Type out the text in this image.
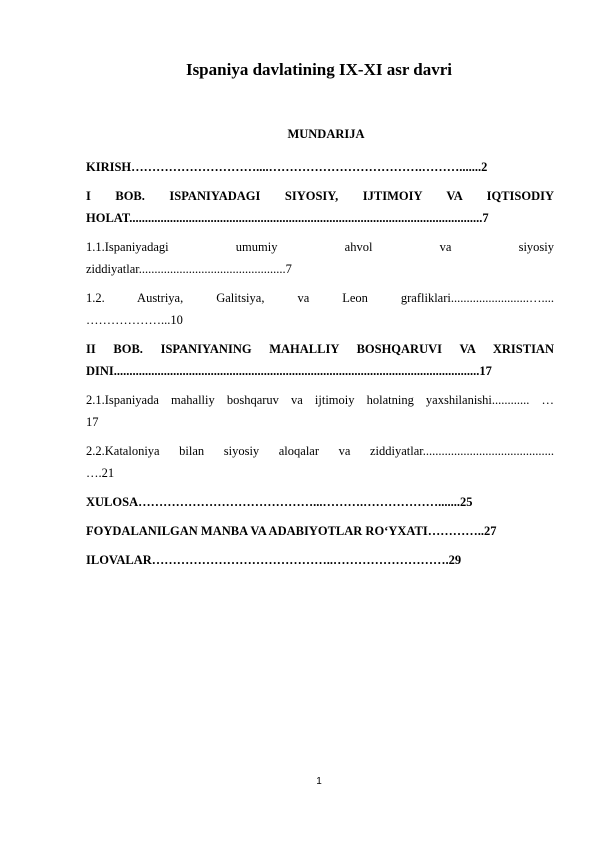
Ispaniya davlatining IX-XI asr davri
MUNDARIJA
KIRISH…………………………....……………………………….……….......2
I BOB. ISPANIYADAGI SIYOSIY, IJTIMOIY VA IQTISODIY
HOLAT.................................................................................................................7
1.1.Ispaniyadagi umumiy ahvol va siyosiy
ziddiyatlar...............................................7
1.2. Austriya, Galitsiya, va Leon grafliklari.........................…....
………………...10
II BOB. ISPANIYANING MAHALLIY BOSHQARUVI VA XRISTIAN
DINI.....................................................................................................................17
2.1.Ispaniyada mahalliy boshqaruv va ijtimoiy holatning yaxshilanishi............ …
17
2.2.Kataloniya bilan siyosiy aloqalar va ziddiyatlar..........................................
….21
XULOSA……………………………………...……….……………….......25
FOYDALANILGAN MANBA VA ADABIYOTLAR RO‘YXATI…………..27
ILOVALAR……………………………………..……………………….29
1
